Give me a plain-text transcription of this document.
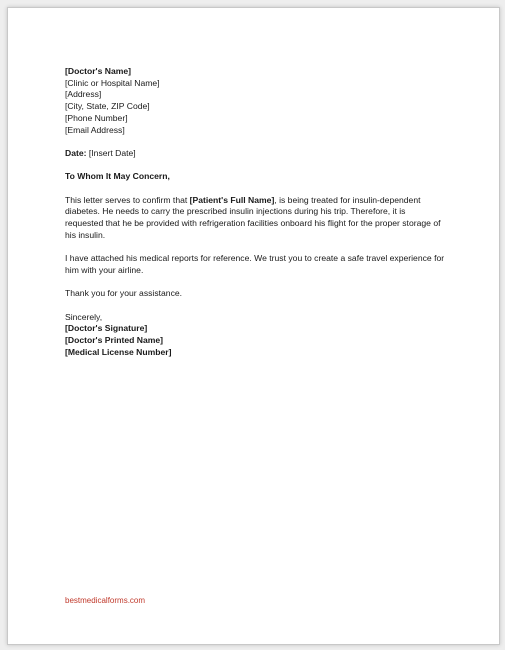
[Doctor's Name]
[Clinic or Hospital Name]
[Address]
[City, State, ZIP Code]
[Phone Number]
[Email Address]
Date: [Insert Date]
To Whom It May Concern,
This letter serves to confirm that [Patient's Full Name], is being treated for insulin-dependent diabetes. He needs to carry the prescribed insulin injections during his trip. Therefore, it is requested that he be provided with refrigeration facilities onboard his flight for the proper storage of his insulin.
I have attached his medical reports for reference. We trust you to create a safe travel experience for him with your airline.
Thank you for your assistance.
Sincerely,
[Doctor's Signature]
[Doctor's Printed Name]
[Medical License Number]
bestmedicalforms.com
